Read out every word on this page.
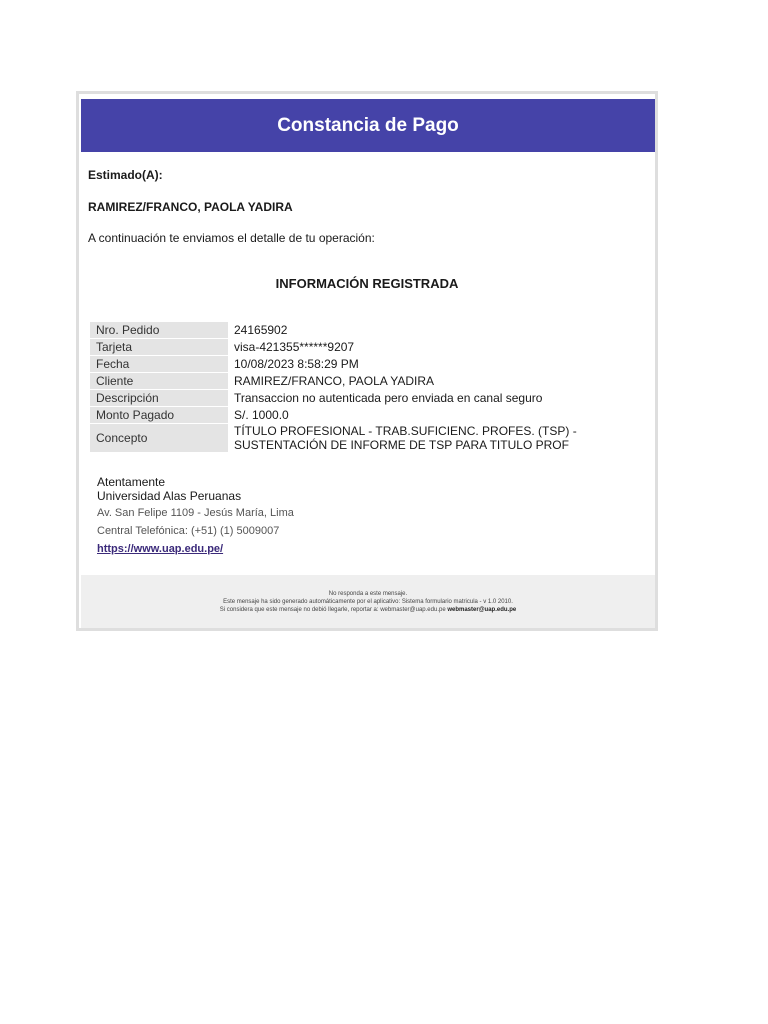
Constancia de Pago
Estimado(A):
RAMIREZ/FRANCO, PAOLA YADIRA
A continuación te enviamos el detalle de tu operación:
INFORMACIÓN REGISTRADA
Nro. Pedido	24165902
Tarjeta	visa-421355******9207
Fecha	10/08/2023 8:58:29 PM
Cliente	RAMIREZ/FRANCO, PAOLA YADIRA
Descripción	Transaccion no autenticada pero enviada en canal seguro
Monto Pagado	S/. 1000.0
Concepto	TÍTULO PROFESIONAL - TRAB.SUFICIENC. PROFES. (TSP) - SUSTENTACIÓN DE INFORME DE TSP PARA TITULO PROF
Atentamente
Universidad Alas Peruanas
Av. San Felipe 1109 - Jesús María, Lima
Central Telefónica: (+51) (1) 5009007
https://www.uap.edu.pe/
No responda a este mensaje.
Este mensaje ha sido generado automáticamente por el aplicativo: Sistema formulario matricula - v 1.0 2010.
Si considera que este mensaje no debió llegarle, reportar a: webmaster@uap.edu.pe webmaster@uap.edu.pe
